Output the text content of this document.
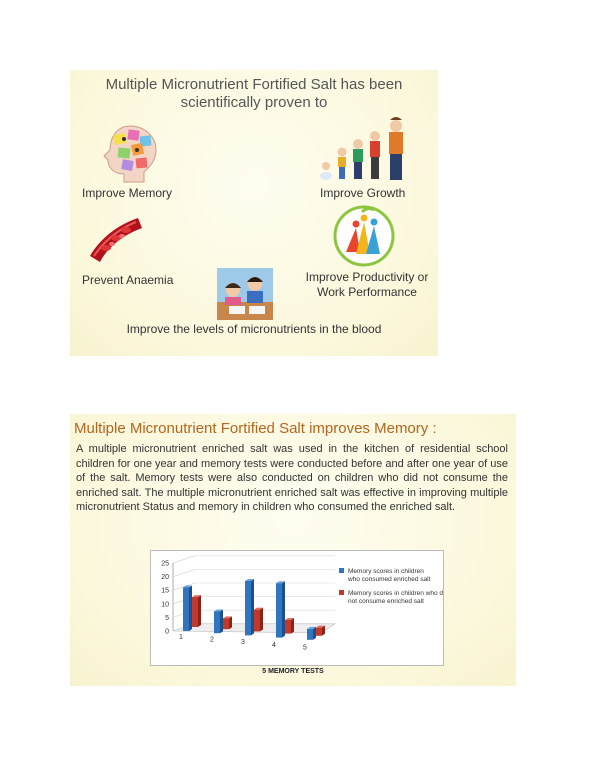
Multiple Micronutrient Fortified Salt has been
scientifically proven to
Improve Memory	Improve Growth
Prevent Anaemia	Improve Productivity or
Work Performance
Improve the levels of micronutrients in the blood
Multiple Micronutrient Fortified Salt improves Memory :
A multiple micronutrient enriched salt was used in the kitchen of residential school children for one year and memory tests were conducted before and after one year of use of the salt. Memory tests were also conducted on children who did not consume the enriched salt. The multiple micronutrient enriched salt was effective in improving multiple micronutrient Status and memory in children who consumed the enriched salt.
0
5
10
15
20
25
1	2	3	4	5
Memory scores in children
who consumed enriched salt
Memory scores in children who did
not consume enriched salt
5 MEMORY TESTS
